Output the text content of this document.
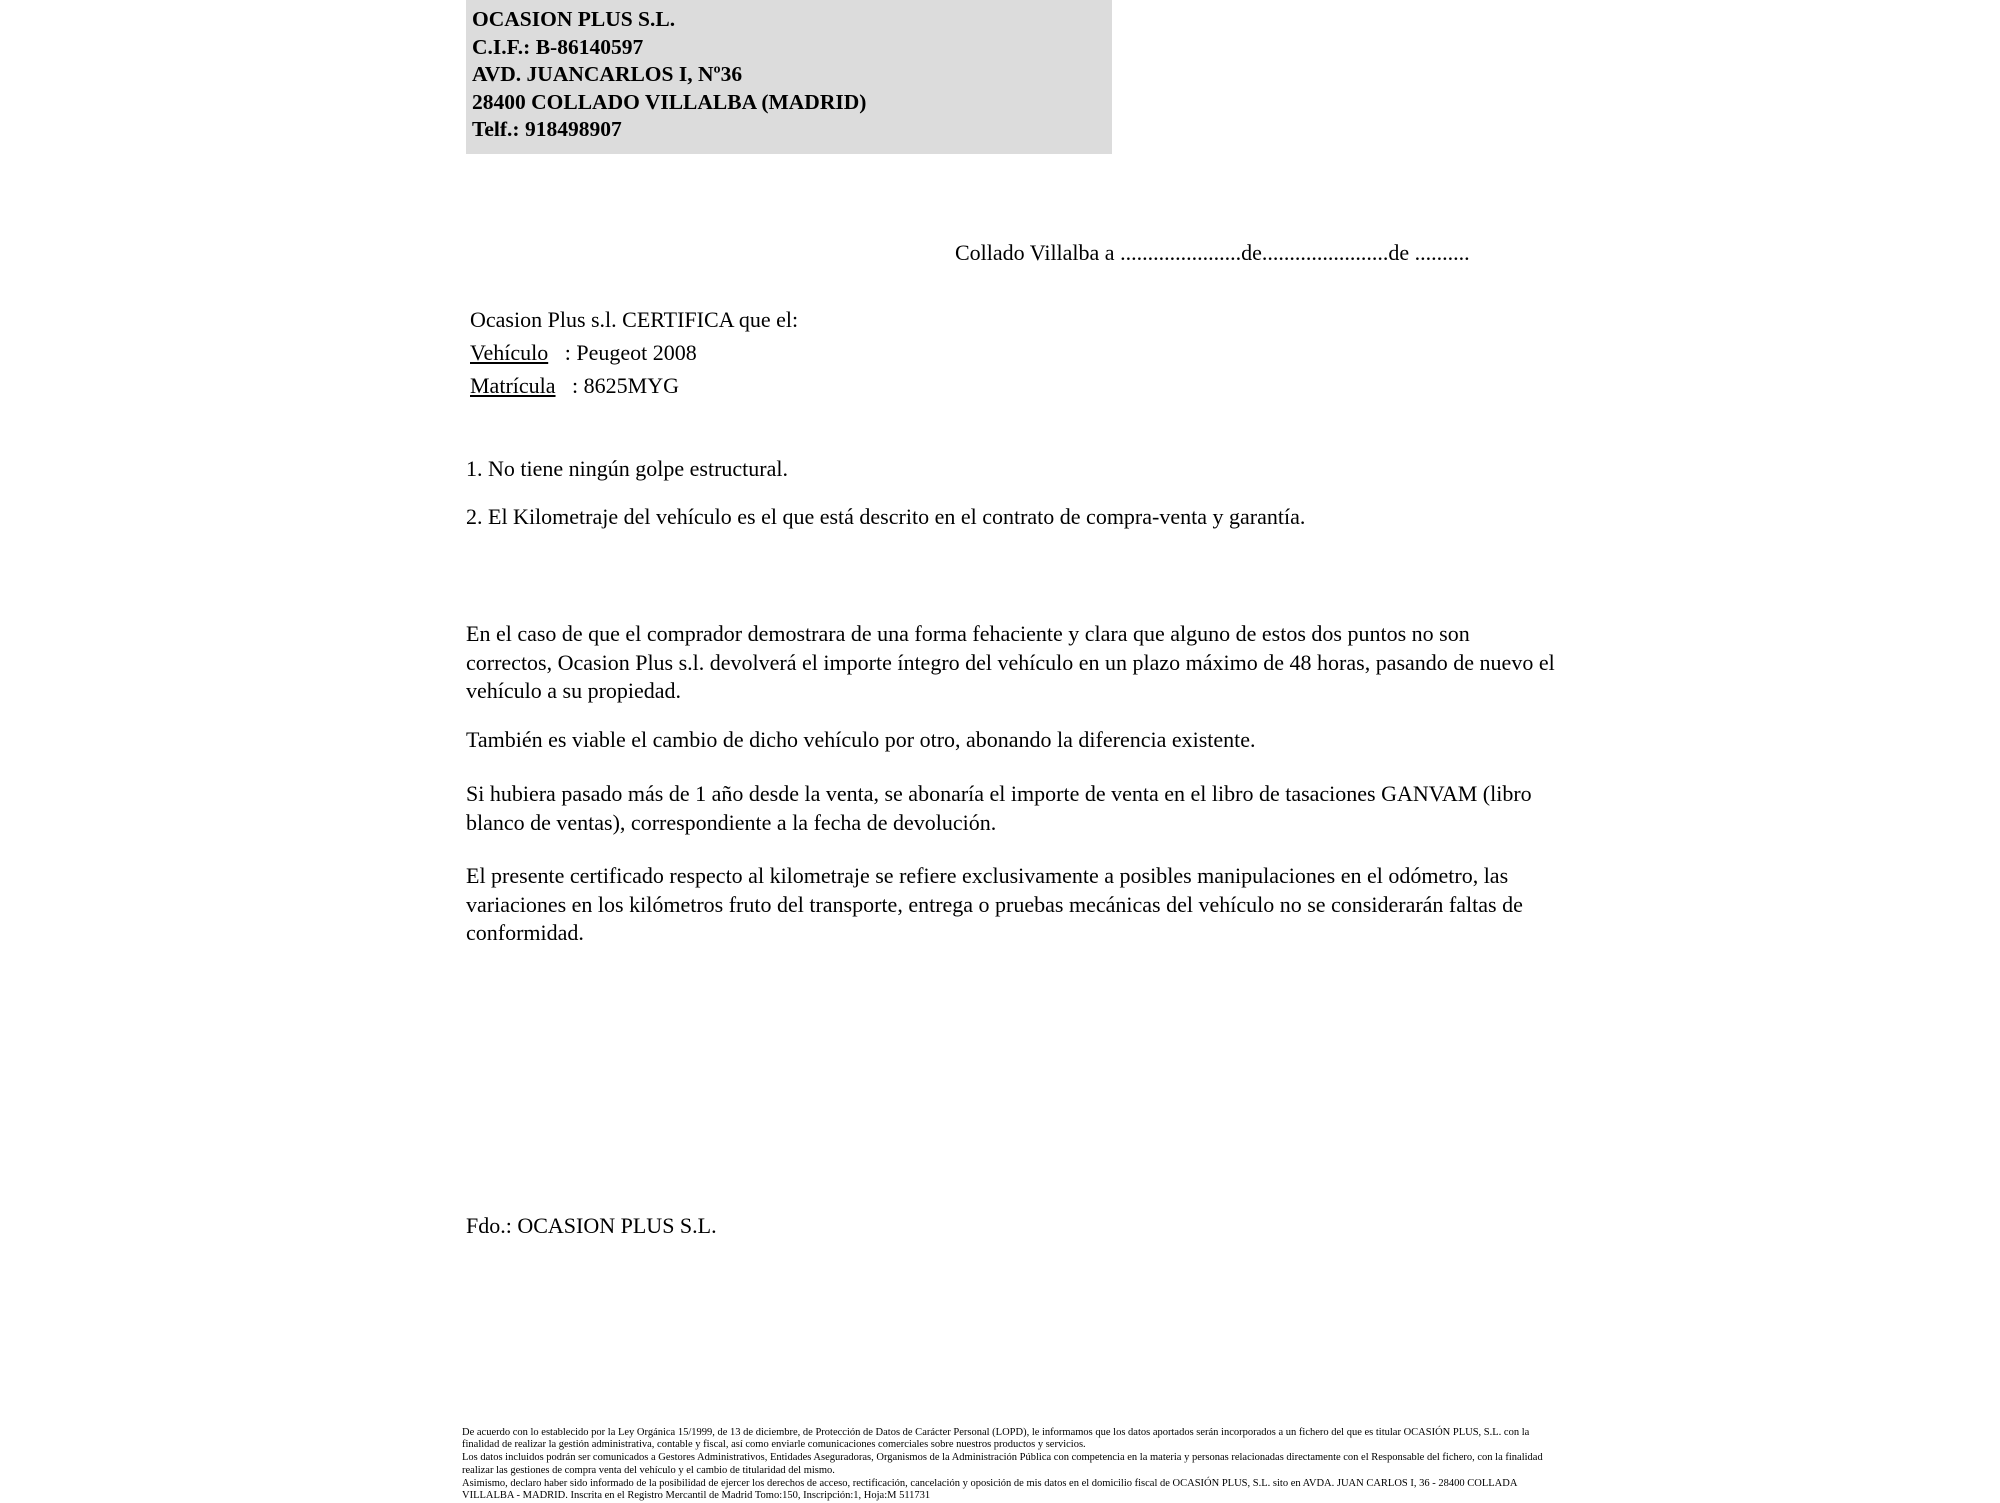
OCASION PLUS S.L.
C.I.F.: B-86140597
AVD. JUANCARLOS I, Nº36
28400 COLLADO VILLALBA (MADRID)
Telf.: 918498907
Collado Villalba a ......................de.......................de ..........
Ocasion Plus s.l. CERTIFICA que el:
Vehículo   : Peugeot 2008
Matrícula   : 8625MYG
1. No tiene ningún golpe estructural.
2. El Kilometraje del vehículo es el que está descrito en el contrato de compra-venta y garantía.
En el caso de que el comprador demostrara de una forma fehaciente y clara que alguno de estos dos puntos no son correctos, Ocasion Plus s.l. devolverá el importe íntegro del vehículo en un plazo máximo de 48 horas, pasando de nuevo el vehículo a su propiedad.
También es viable el cambio de dicho vehículo por otro, abonando la diferencia existente.
Si hubiera pasado más de 1 año desde la venta, se abonaría el importe de venta en el libro de tasaciones GANVAM (libro blanco de ventas), correspondiente a la fecha de devolución.
El presente certificado respecto al kilometraje se refiere exclusivamente a posibles manipulaciones en el odómetro, las variaciones en los kilómetros fruto del transporte, entrega o pruebas mecánicas del vehículo no se considerarán faltas de conformidad.
Fdo.: OCASION PLUS S.L.

De acuerdo con lo establecido por la Ley Orgánica 15/1999, de 13 de diciembre, de Protección de Datos de Carácter Personal (LOPD), le informamos que los datos aportados serán incorporados a un fichero del que es titular OCASIÓN PLUS, S.L. con la finalidad de realizar la gestión administrativa, contable y fiscal, así como enviarle comunicaciones comerciales sobre nuestros productos y servicios.

Los datos incluidos podrán ser comunicados a Gestores Administrativos, Entidades Aseguradoras, Organismos de la Administración Pública con competencia en la materia y personas relacionadas directamente con el Responsable del fichero, con la finalidad realizar las gestiones de compra venta del vehículo y el cambio de titularidad del mismo.

Asimismo, declaro haber sido informado de la posibilidad de ejercer los derechos de acceso, rectificación, cancelación y oposición de mis datos en el domicilio fiscal de OCASIÓN PLUS, S.L. sito en AVDA. JUAN CARLOS I, 36 - 28400 COLLADA VILLALBA - MADRID. Inscrita en el Registro Mercantil de Madrid Tomo:150, Inscripción:1, Hoja:M 511731
